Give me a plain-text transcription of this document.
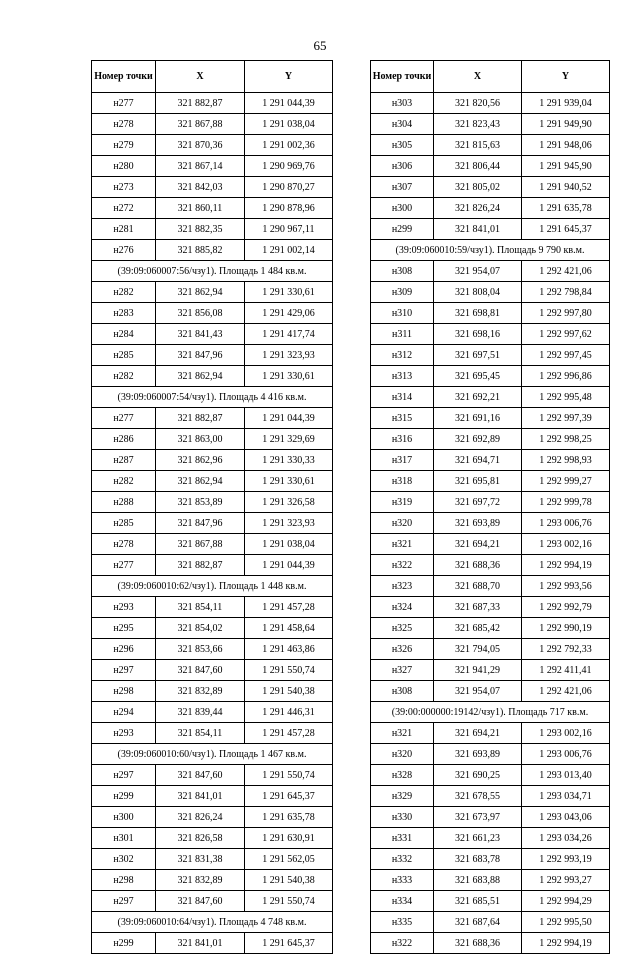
65
Номер точки	X	Y
н277	321 882,87	1 291 044,39
н278	321 867,88	1 291 038,04
н279	321 870,36	1 291 002,36
н280	321 867,14	1 290 969,76
н273	321 842,03	1 290 870,27
н272	321 860,11	1 290 878,96
н281	321 882,35	1 290 967,11
н276	321 885,82	1 291 002,14
(39:09:060007:56/чзу1). Площадь 1 484 кв.м.		
н282	321 862,94	1 291 330,61
н283	321 856,08	1 291 429,06
н284	321 841,43	1 291 417,74
н285	321 847,96	1 291 323,93
н282	321 862,94	1 291 330,61
(39:09:060007:54/чзу1). Площадь 4 416 кв.м.		
н277	321 882,87	1 291 044,39
н286	321 863,00	1 291 329,69
н287	321 862,96	1 291 330,33
н282	321 862,94	1 291 330,61
н288	321 853,89	1 291 326,58
н285	321 847,96	1 291 323,93
н278	321 867,88	1 291 038,04
н277	321 882,87	1 291 044,39
(39:09:060010:62/чзу1). Площадь 1 448 кв.м.		
н293	321 854,11	1 291 457,28
н295	321 854,02	1 291 458,64
н296	321 853,66	1 291 463,86
н297	321 847,60	1 291 550,74
н298	321 832,89	1 291 540,38
н294	321 839,44	1 291 446,31
н293	321 854,11	1 291 457,28
(39:09:060010:60/чзу1). Площадь 1 467 кв.м.		
н297	321 847,60	1 291 550,74
н299	321 841,01	1 291 645,37
н300	321 826,24	1 291 635,78
н301	321 826,58	1 291 630,91
н302	321 831,38	1 291 562,05
н298	321 832,89	1 291 540,38
н297	321 847,60	1 291 550,74
(39:09:060010:64/чзу1). Площадь 4 748 кв.м.		
н299	321 841,01	1 291 645,37
Номер точки	X	Y
н303	321 820,56	1 291 939,04
н304	321 823,43	1 291 949,90
н305	321 815,63	1 291 948,06
н306	321 806,44	1 291 945,90
н307	321 805,02	1 291 940,52
н300	321 826,24	1 291 635,78
н299	321 841,01	1 291 645,37
(39:09:060010:59/чзу1). Площадь 9 790 кв.м.		
н308	321 954,07	1 292 421,06
н309	321 808,04	1 292 798,84
н310	321 698,81	1 292 997,80
н311	321 698,16	1 292 997,62
н312	321 697,51	1 292 997,45
н313	321 695,45	1 292 996,86
н314	321 692,21	1 292 995,48
н315	321 691,16	1 292 997,39
н316	321 692,89	1 292 998,25
н317	321 694,71	1 292 998,93
н318	321 695,81	1 292 999,27
н319	321 697,72	1 292 999,78
н320	321 693,89	1 293 006,76
н321	321 694,21	1 293 002,16
н322	321 688,36	1 292 994,19
н323	321 688,70	1 292 993,56
н324	321 687,33	1 292 992,79
н325	321 685,42	1 292 990,19
н326	321 794,05	1 292 792,33
н327	321 941,29	1 292 411,41
н308	321 954,07	1 292 421,06
(39:00:000000:19142/чзу1). Площадь 717 кв.м.		
н321	321 694,21	1 293 002,16
н320	321 693,89	1 293 006,76
н328	321 690,25	1 293 013,40
н329	321 678,55	1 293 034,71
н330	321 673,97	1 293 043,06
н331	321 661,23	1 293 034,26
н332	321 683,78	1 292 993,19
н333	321 683,88	1 292 993,27
н334	321 685,51	1 292 994,29
н335	321 687,64	1 292 995,50
н322	321 688,36	1 292 994,19
